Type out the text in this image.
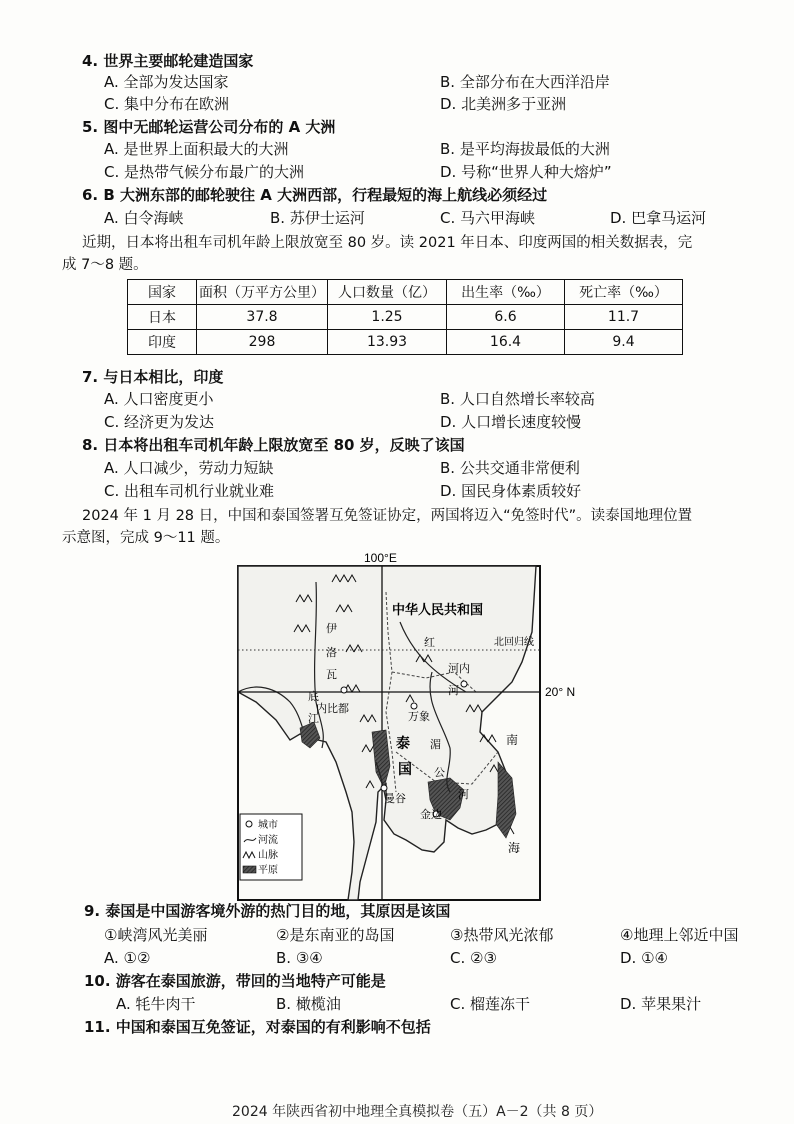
4. 世界主要邮轮建造国家
A. 全部为发达国家	B. 全部分布在大西洋沿岸
C. 集中分布在欧洲	D. 北美洲多于亚洲
5. 图中无邮轮运营公司分布的 A 大洲
A. 是世界上面积最大的大洲	B. 是平均海拔最低的大洲
C. 是热带气候分布最广的大洲	D. 号称“世界人种大熔炉”
6. B 大洲东部的邮轮驶往 A 大洲西部，行程最短的海上航线必须经过
A. 白令海峡	B. 苏伊士运河	C. 马六甲海峡	D. 巴拿马运河
近期，日本将出租车司机年龄上限放宽至 80 岁。读 2021 年日本、印度两国的相关数据表，完
成 7～8 题。
国家	面积（万平方公里）	人口数量（亿）	出生率（‰）	死亡率（‰）
日本	37.8	1.25	6.6	11.7
印度	298	13.93	16.4	9.4
7. 与日本相比，印度
A. 人口密度更小	B. 人口自然增长率较高
C. 经济更为发达	D. 人口增长速度较慢
8. 日本将出租车司机年龄上限放宽至 80 岁，反映了该国
A. 人口减少，劳动力短缺	B. 公共交通非常便利
C. 出租车司机行业就业难	D. 国民身体素质较好
2024 年 1 月 28 日，中国和泰国签署互免签证协定，两国将迈入“免签时代”。读泰国地理位置
示意图，完成 9～11 题。
100°E
20° N
北回归线
中华人民共和国
河内
内比都
万象
曼谷
金边
伊
洛
瓦
底
江
红
河
湄
公
河
泰
国
南
海
城市
河流
山脉
平原
9. 泰国是中国游客境外游的热门目的地，其原因是该国
①峡湾风光美丽	②是东南亚的岛国	③热带风光浓郁	④地理上邻近中国
A. ①②	B. ③④	C. ②③	D. ①④
10. 游客在泰国旅游，带回的当地特产可能是
A. 牦牛肉干	B. 橄榄油	C. 榴莲冻干	D. 苹果果汁
11. 中国和泰国互免签证，对泰国的有利影响不包括
2024 年陕西省初中地理全真模拟卷（五）A－2（共 8 页）
